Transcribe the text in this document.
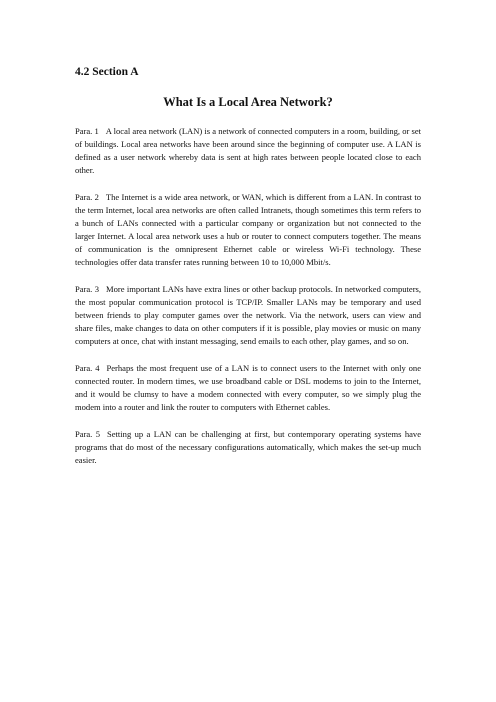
4.2 Section A
What Is a Local Area Network?

Para. 1 A local area network (LAN) is a network of connected computers in a room, building, or set of buildings. Local area networks have been around since the beginning of computer use. A LAN is defined as a user network whereby data is sent at high rates between people located close to each other.

Para. 2 The Internet is a wide area network, or WAN, which is different from a LAN. In contrast to the term Internet, local area networks are often called Intranets, though sometimes this term refers to a bunch of LANs connected with a particular company or organization but not connected to the larger Internet. A local area network uses a hub or router to connect computers together. The means of communication is the omnipresent Ethernet cable or wireless Wi-Fi technology. These technologies offer data transfer rates running between 10 to 10,000 Mbit/s.

Para. 3 More important LANs have extra lines or other backup protocols. In networked computers, the most popular communication protocol is TCP/IP. Smaller LANs may be temporary and used between friends to play computer games over the network. Via the network, users can view and share files, make changes to data on other computers if it is possible, play movies or music on many computers at once, chat with instant messaging, send emails to each other, play games, and so on.

Para. 4 Perhaps the most frequent use of a LAN is to connect users to the Internet with only one connected router. In modern times, we use broadband cable or DSL modems to join to the Internet, and it would be clumsy to have a modem connected with every computer, so we simply plug the modem into a router and link the router to computers with Ethernet cables.

Para. 5 Setting up a LAN can be challenging at first, but contemporary operating systems have programs that do most of the necessary configurations automatically, which makes the set-up much easier.
